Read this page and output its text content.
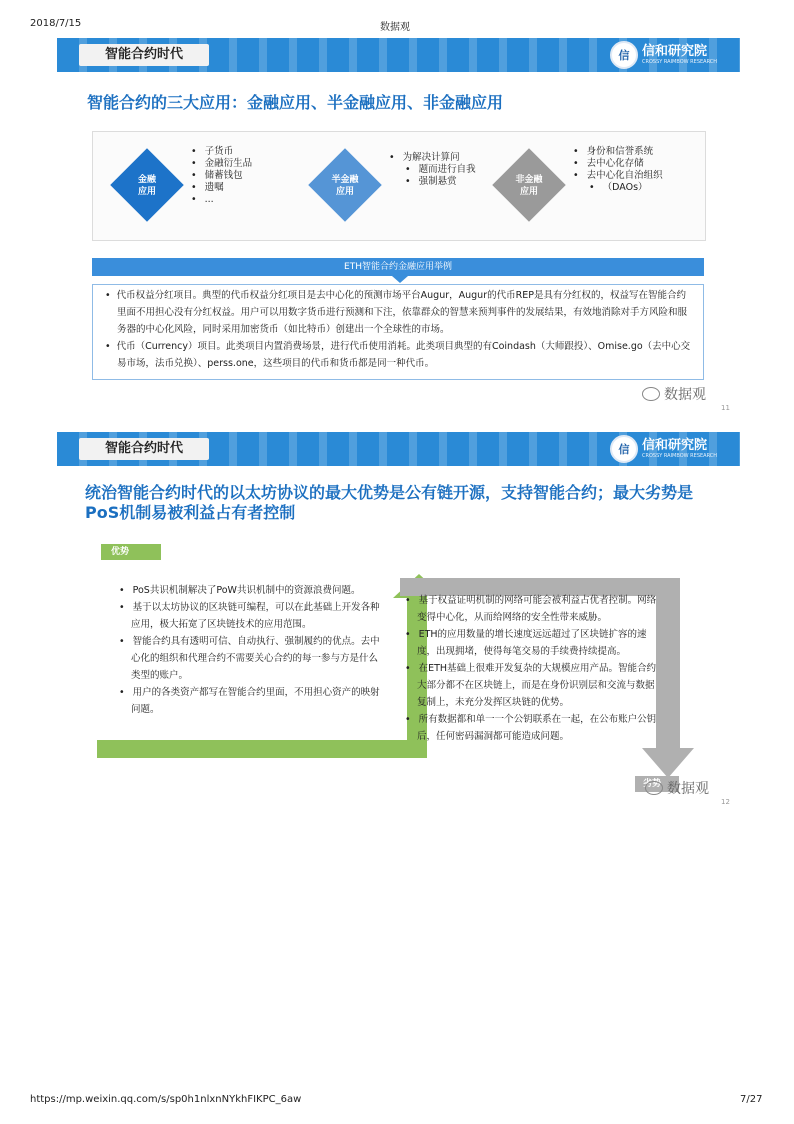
2018/7/15	数据观
智能合约时代	信 信和研究院
CROSSY RAIMBOW RESEARCH
智能合约的三大应用：金融应用、半金融应用、非金融应用
金融
应用
• 子货币
• 金融衍生品
• 储蓄钱包
• 遗嘱
• ...
半金融
应用
• 为解决计算问
• 题而进行自我
• 强制悬赏	非金融
应用
• 身份和信誉系统
• 去中心化存储
• 去中心化自治组织
• （DAOs）
ETH智能合约金融应用举例

•  代币权益分红项目。典型的代币权益分红项目是去中心化的预测市场平台Augur，Augur的代币REP是具有分红权的，权益写在智能合约里面不用担心没有分红权益。用户可以用数字货币进行预测和下注，依靠群众的智慧来预判事件的发展结果，有效地消除对手方风险和服务器的中心化风险，同时采用加密货币（如比特币）创建出一个全球性的市场。

•  代币（Currency）项目。此类项目内置消费场景，进行代币使用消耗。此类项目典型的有Coindash（大师跟投）、Omise.go（去中心交易市场，法币兑换）、perss.one，这些项目的代币和货币都是同一种代币。

数据观
11
智能合约时代	信 信和研究院
CROSSY RAIMBOW RESEARCH
统治智能合约时代的以太坊协议的最大优势是公有链开源，支持智能合约；最大劣势是PoS机制易被利益占有者控制
优势
• PoS共识机制解决了PoW共识机制中的资源浪费问题。
• 基于以太坊协议的区块链可编程，可以在此基础上开发各种应用，极大拓宽了区块链技术的应用范围。
• 智能合约具有透明可信、自动执行、强制履约的优点。去中心化的组织和代理合约不需要关心合约的每一参与方是什么类型的账户。
• 用户的各类资产都写在智能合约里面，不用担心资产的映射问题。
• 基于权益证明机制的网络可能会被利益占优者控制。网络变得中心化，从而给网络的安全性带来威胁。
• ETH的应用数量的增长速度远远超过了区块链扩容的速度，出现拥堵，使得每笔交易的手续费持续提高。
• 在ETH基础上很难开发复杂的大规模应用产品。智能合约大部分都不在区块链上，而是在身份识别层和交流与数据复制上，未充分发挥区块链的优势。
• 所有数据都和单一一个公钥联系在一起，在公布账户公钥后，任何密码漏洞都可能造成问题。
劣势 数据观
12
https://mp.weixin.qq.com/s/sp0h1nlxnNYkhFIKPC_6aw	7/27
